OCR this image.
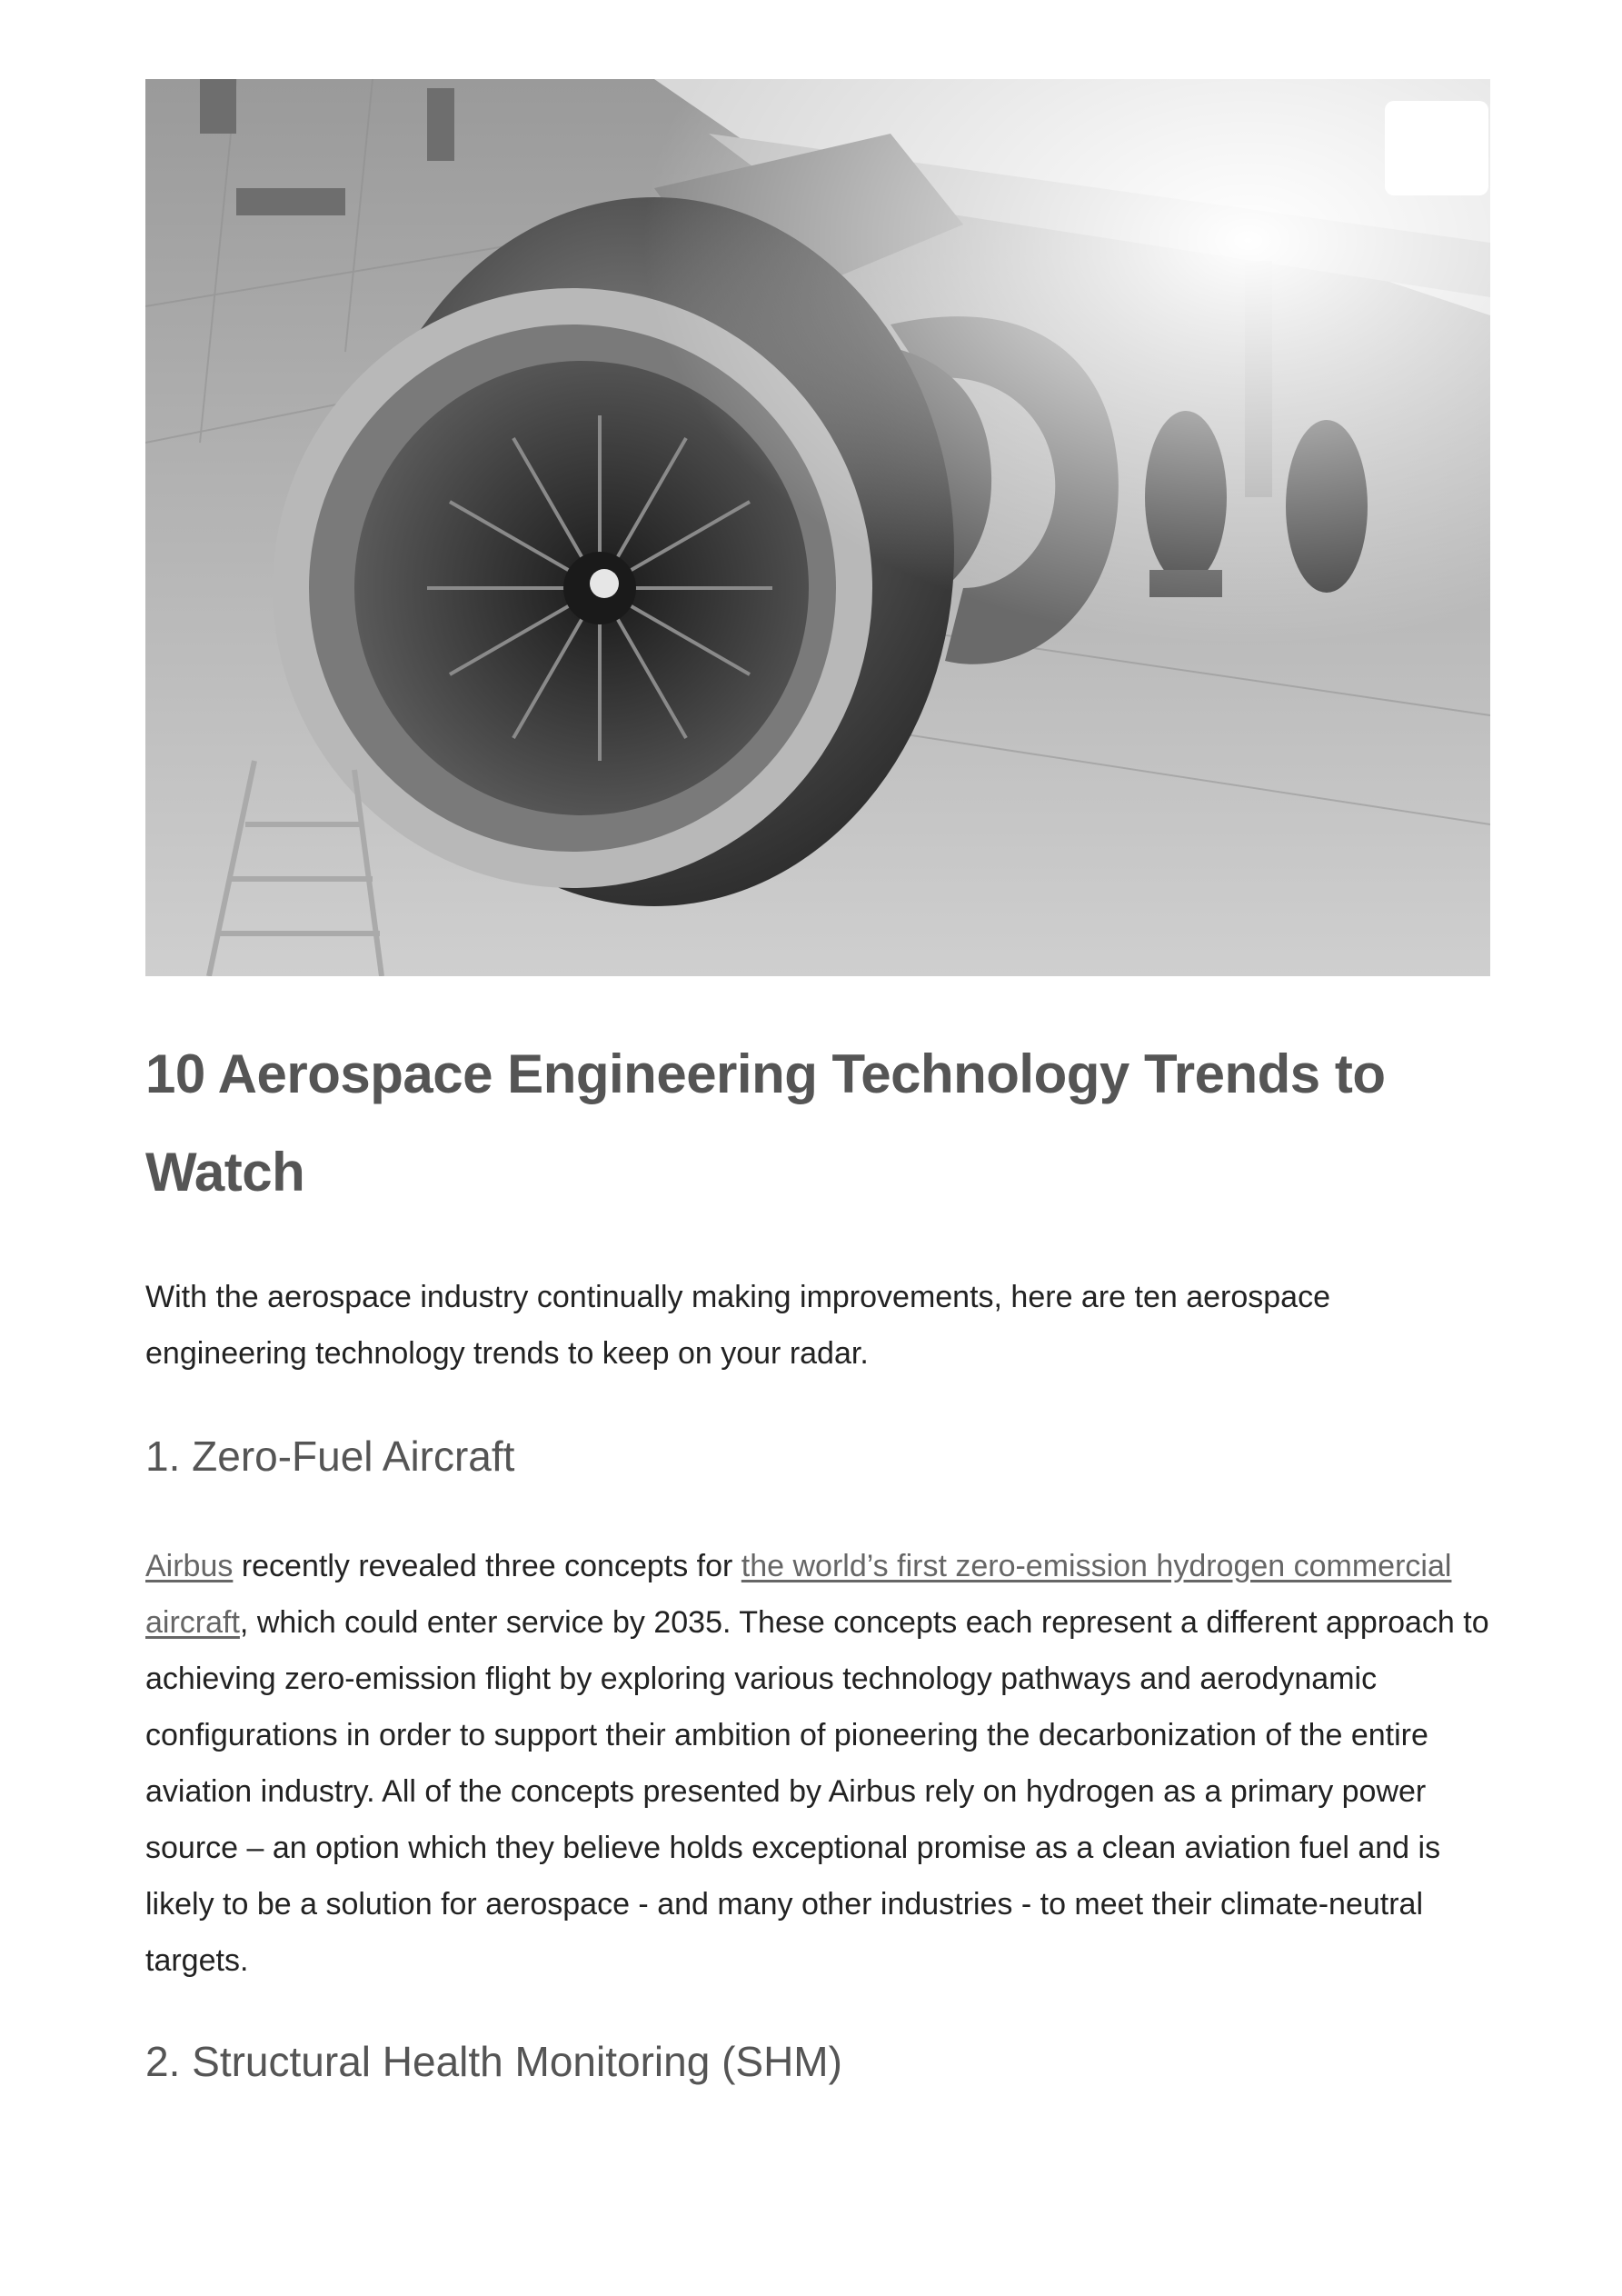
10 Aerospace Engineering Technology Trends to Watch

With the aerospace industry continually making improvements, here are ten aerospace engineering technology trends to keep on your radar.

1. Zero-Fuel Aircraft

Airbus recently revealed three concepts for the world’s first zero-emission hydrogen commercial aircraft, which could enter service by 2035. These concepts each represent a different approach to achieving zero-emission flight by exploring various technology pathways and aerodynamic configurations in order to support their ambition of pioneering the decarbonization of the entire aviation industry. All of the concepts presented by Airbus rely on hydrogen as a primary power source – an option which they believe holds exceptional promise as a clean aviation fuel and is likely to be a solution for aerospace - and many other industries - to meet their climate-neutral targets.

2. Structural Health Monitoring (SHM)
